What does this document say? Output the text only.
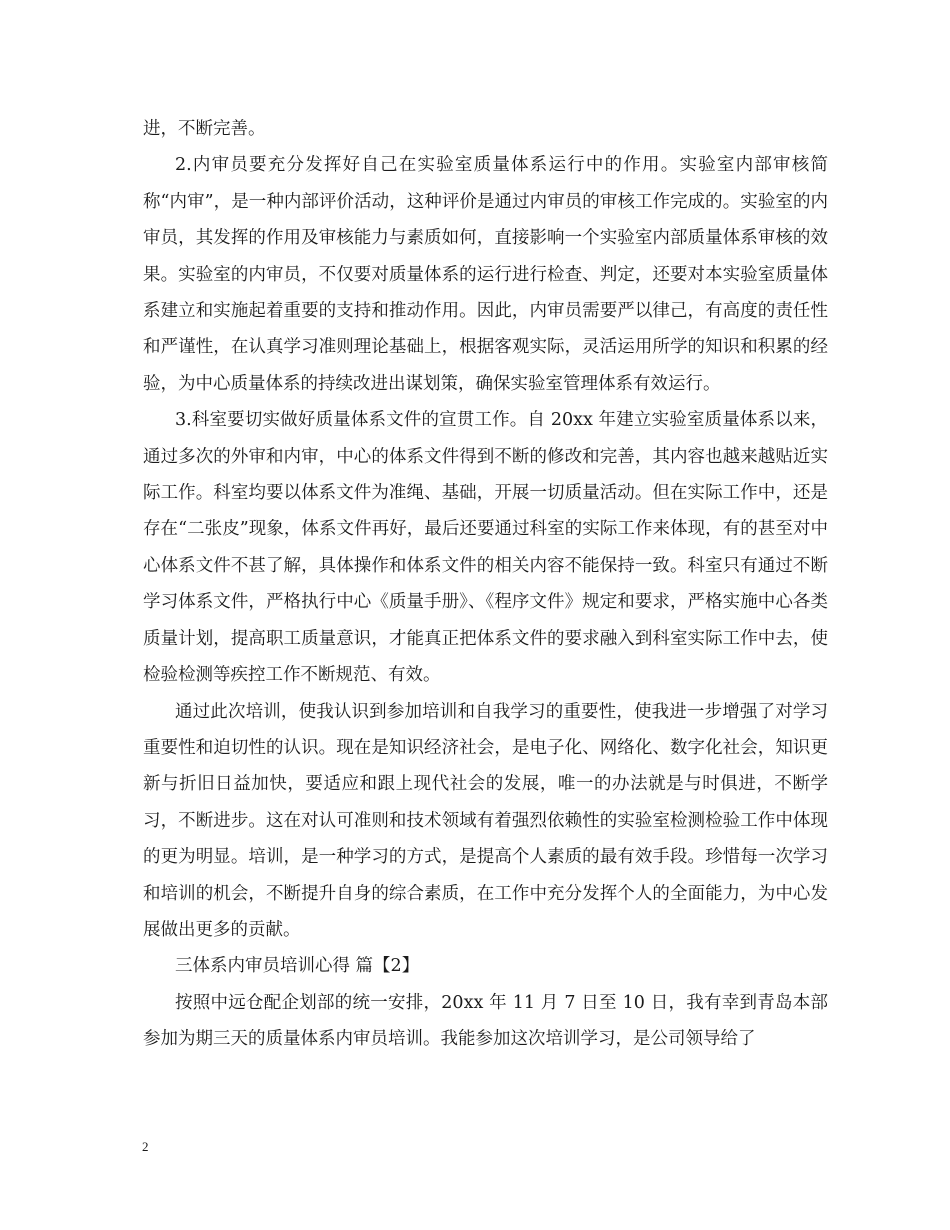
进，不断完善。

2.内审员要充分发挥好自己在实验室质量体系运行中的作用。实验室内部审核简称“内审”，是一种内部评价活动，这种评价是通过内审员的审核工作完成的。实验室的内审员，其发挥的作用及审核能力与素质如何，直接影响一个实验室内部质量体系审核的效果。实验室的内审员，不仅要对质量体系的运行进行检查、判定，还要对本实验室质量体系建立和实施起着重要的支持和推动作用。因此，内审员需要严以律己，有高度的责任性和严谨性，在认真学习准则理论基础上，根据客观实际，灵活运用所学的知识和积累的经验，为中心质量体系的持续改进出谋划策，确保实验室管理体系有效运行。

3.科室要切实做好质量体系文件的宣贯工作。自 20xx 年建立实验室质量体系以来，通过多次的外审和内审，中心的体系文件得到不断的修改和完善，其内容也越来越贴近实际工作。科室均要以体系文件为准绳、基础，开展一切质量活动。但在实际工作中，还是存在“二张皮”现象，体系文件再好，最后还要通过科室的实际工作来体现，有的甚至对中心体系文件不甚了解，具体操作和体系文件的相关内容不能保持一致。科室只有通过不断学习体系文件，严格执行中心《质量手册》、《程序文件》规定和要求，严格实施中心各类质量计划，提高职工质量意识，才能真正把体系文件的要求融入到科室实际工作中去，使检验检测等疾控工作不断规范、有效。

通过此次培训，使我认识到参加培训和自我学习的重要性，使我进一步增强了对学习重要性和迫切性的认识。现在是知识经济社会，是电子化、网络化、数字化社会，知识更新与折旧日益加快，要适应和跟上现代社会的发展，唯一的办法就是与时俱进，不断学习，不断进步。这在对认可准则和技术领域有着强烈依赖性的实验室检测检验工作中体现的更为明显。培训，是一种学习的方式，是提高个人素质的最有效手段。珍惜每一次学习和培训的机会，不断提升自身的综合素质，在工作中充分发挥个人的全面能力，为中心发展做出更多的贡献。

三体系内审员培训心得 篇【2】

按照中远仓配企划部的统一安排，20xx 年 11 月 7 日至 10 日，我有幸到青岛本部参加为期三天的质量体系内审员培训。我能参加这次培训学习，是公司领导给了

2
